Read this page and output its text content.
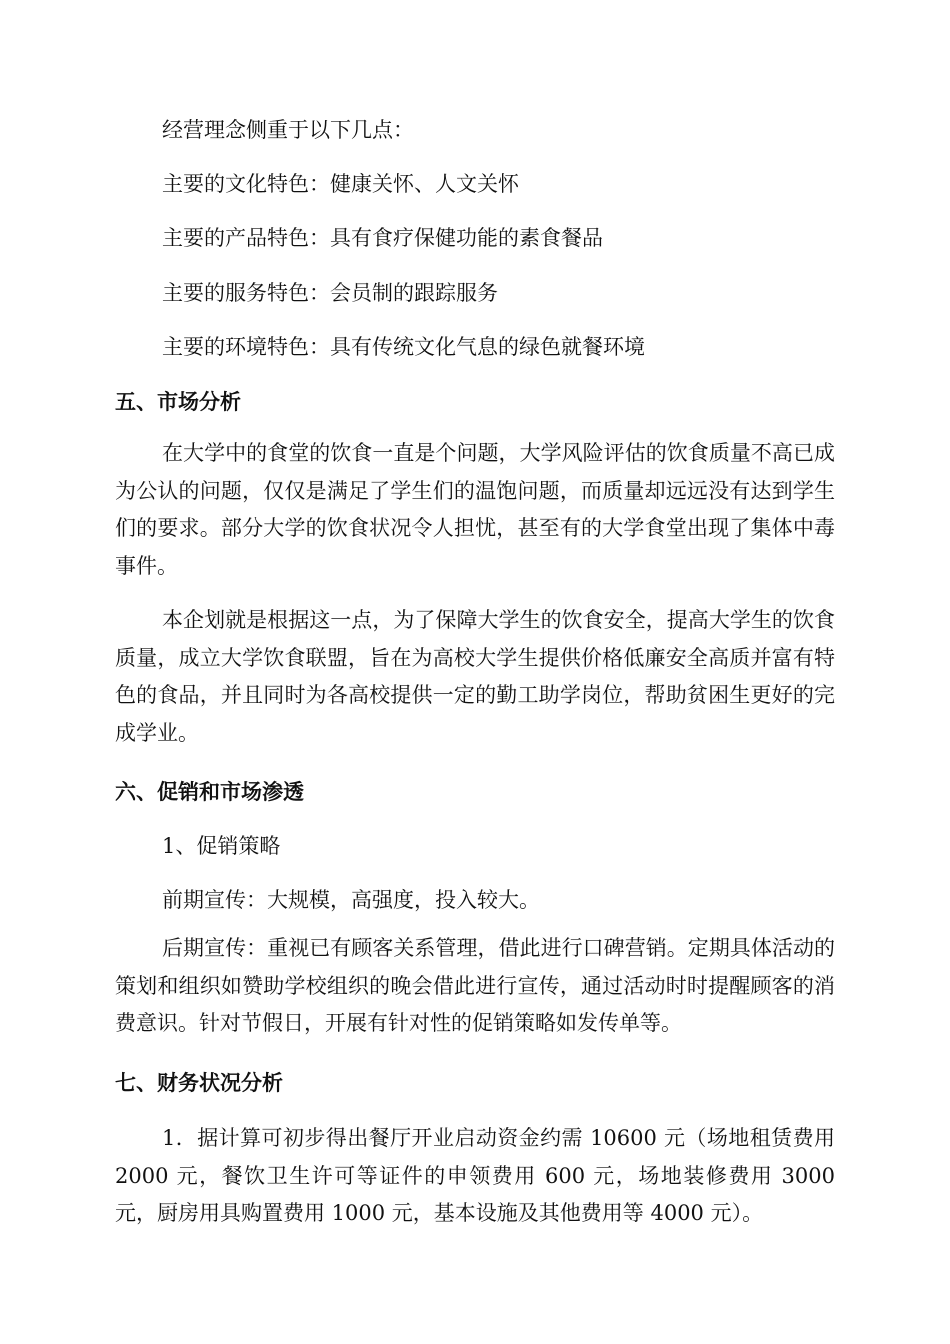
经营理念侧重于以下几点：
主要的文化特色：健康关怀、人文关怀
主要的产品特色：具有食疗保健功能的素食餐品
主要的服务特色：会员制的跟踪服务
主要的环境特色：具有传统文化气息的绿色就餐环境
五、市场分析
在大学中的食堂的饮食一直是个问题，大学风险评估的饮食质量不高已成为公认的问题，仅仅是满足了学生们的温饱问题，而质量却远远没有达到学生们的要求。部分大学的饮食状况令人担忧，甚至有的大学食堂出现了集体中毒事件。
本企划就是根据这一点，为了保障大学生的饮食安全，提高大学生的饮食质量，成立大学饮食联盟，旨在为高校大学生提供价格低廉安全高质并富有特色的食品，并且同时为各高校提供一定的勤工助学岗位，帮助贫困生更好的完成学业。
六、促销和市场渗透
1、促销策略
前期宣传：大规模，高强度，投入较大。
后期宣传：重视已有顾客关系管理，借此进行口碑营销。定期具体活动的策划和组织如赞助学校组织的晚会借此进行宣传，通过活动时时提醒顾客的消费意识。针对节假日，开展有针对性的促销策略如发传单等。
七、财务状况分析
1．据计算可初步得出餐厅开业启动资金约需 10600 元（场地租赁费用 2000 元，餐饮卫生许可等证件的申领费用 600 元，场地装修费用 3000 元，厨房用具购置费用 1000 元，基本设施及其他费用等 4000 元）。
